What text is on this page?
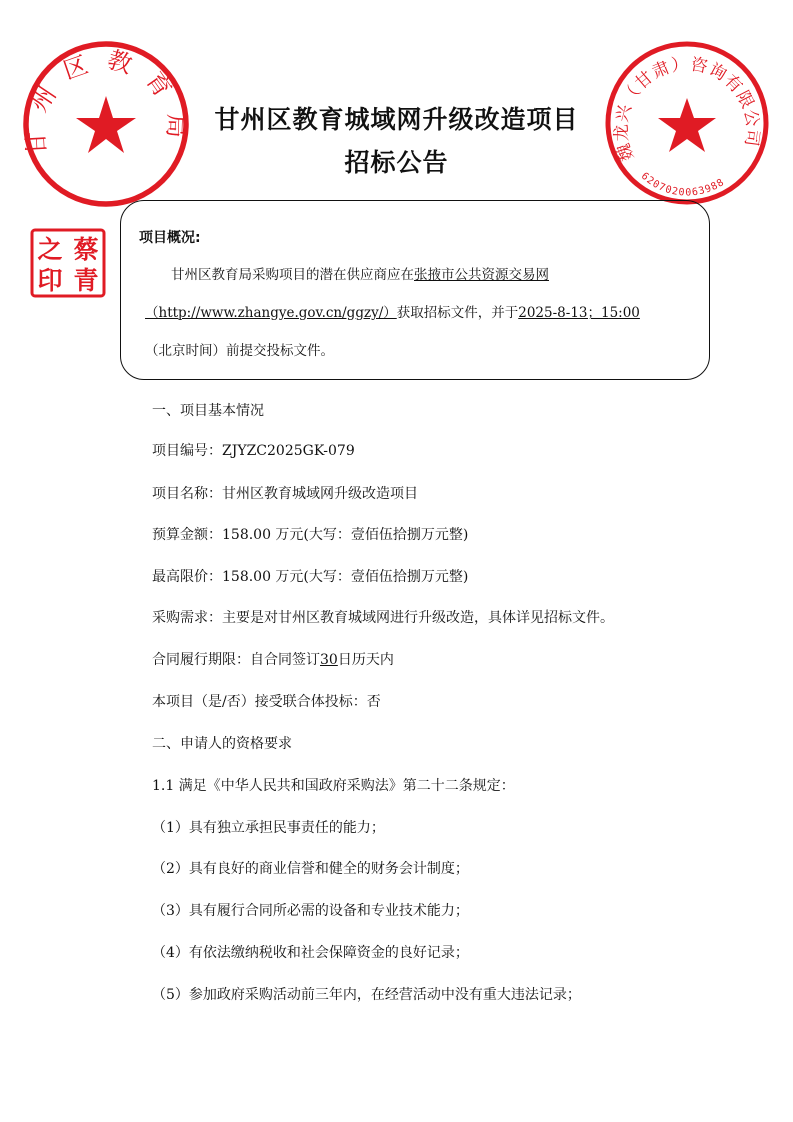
甘州区教育局	魏龙兴（甘肃）咨询有限公司
6207020063988
蔡
青
之
印
甘州区教育城域网升级改造项目
招标公告
项目概况:
甘州区教育局采购项目的潜在供应商应在张掖市公共资源交易网
（http://www.zhangye.gov.cn/ggzy/）获取招标文件，并于2025-8-13；15:00
（北京时间）前提交投标文件。
一、项目基本情况
项目编号：ZJYZC2025GK-079
项目名称：甘州区教育城域网升级改造项目
预算金额：158.00 万元(大写：壹佰伍拾捌万元整)
最高限价：158.00 万元(大写：壹佰伍拾捌万元整)
采购需求：主要是对甘州区教育城域网进行升级改造，具体详见招标文件。
合同履行期限：自合同签订30日历天内
本项目（是/否）接受联合体投标：否
二、申请人的资格要求
1.1 满足《中华人民共和国政府采购法》第二十二条规定：
（1）具有独立承担民事责任的能力；
（2）具有良好的商业信誉和健全的财务会计制度；
（3）具有履行合同所必需的设备和专业技术能力；
（4）有依法缴纳税收和社会保障资金的良好记录；
（5）参加政府采购活动前三年内，在经营活动中没有重大违法记录；
